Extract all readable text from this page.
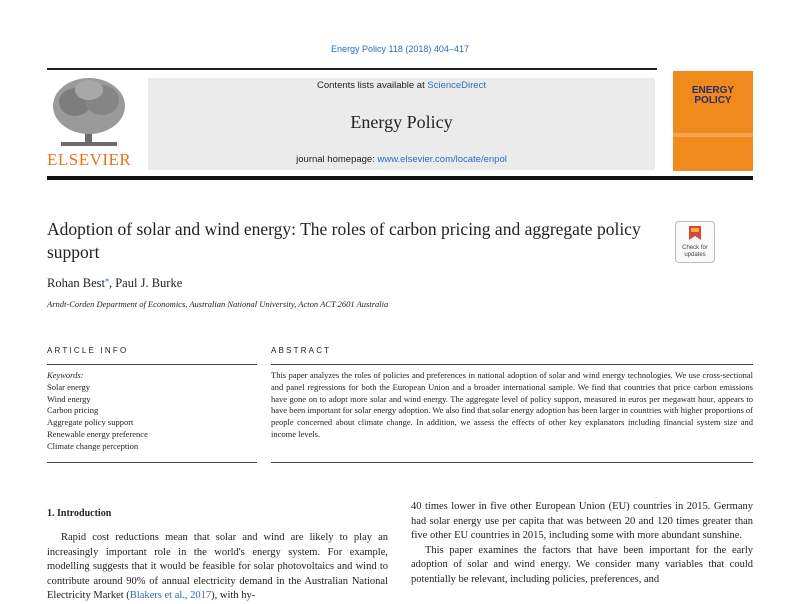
Energy Policy 118 (2018) 404–417
ELSEVIER
Contents lists available at ScienceDirect
Energy Policy
journal homepage: www.elsevier.com/locate/enpol
ENERGY
POLICY
Adoption of solar and wind energy: The roles of carbon pricing and aggregate policy support	Check for
updates
Rohan Best⁎, Paul J. Burke
Arndt-Corden Department of Economics, Australian National University, Acton ACT 2601 Australia
ARTICLE INFO	ABSTRACT
Keywords:
Solar energy
Wind energy
Carbon pricing
Aggregate policy support
Renewable energy preference
Climate change perception
This paper analyzes the roles of policies and preferences in national adoption of solar and wind energy technologies. We use cross-sectional and panel regressions for both the European Union and a broader international sample. We find that countries that price carbon emissions have gone on to adopt more solar and wind energy. The aggregate level of policy support, measured in euros per megawatt hour, appears to have been important for solar energy adoption. We also find that solar energy adoption has been larger in countries with higher proportions of people concerned about climate change. In addition, we assess the effects of other key explanators including financial system size and income levels.
1. Introduction

Rapid cost reductions mean that solar and wind are likely to play an increasingly important role in the world's energy system. For example, modelling suggests that it would be feasible for solar photovoltaics and wind to contribute around 90% of annual electricity demand in the Australian National Electricity Market (Blakers et al., 2017), with hy-

40 times lower in five other European Union (EU) countries in 2015. Germany had solar energy use per capita that was between 20 and 120 times greater than five other EU countries in 2015, including some with more abundant sunshine.

This paper examines the factors that have been important for the early adoption of solar and wind energy. We consider many variables that could potentially be relevant, including policies, preferences, and
